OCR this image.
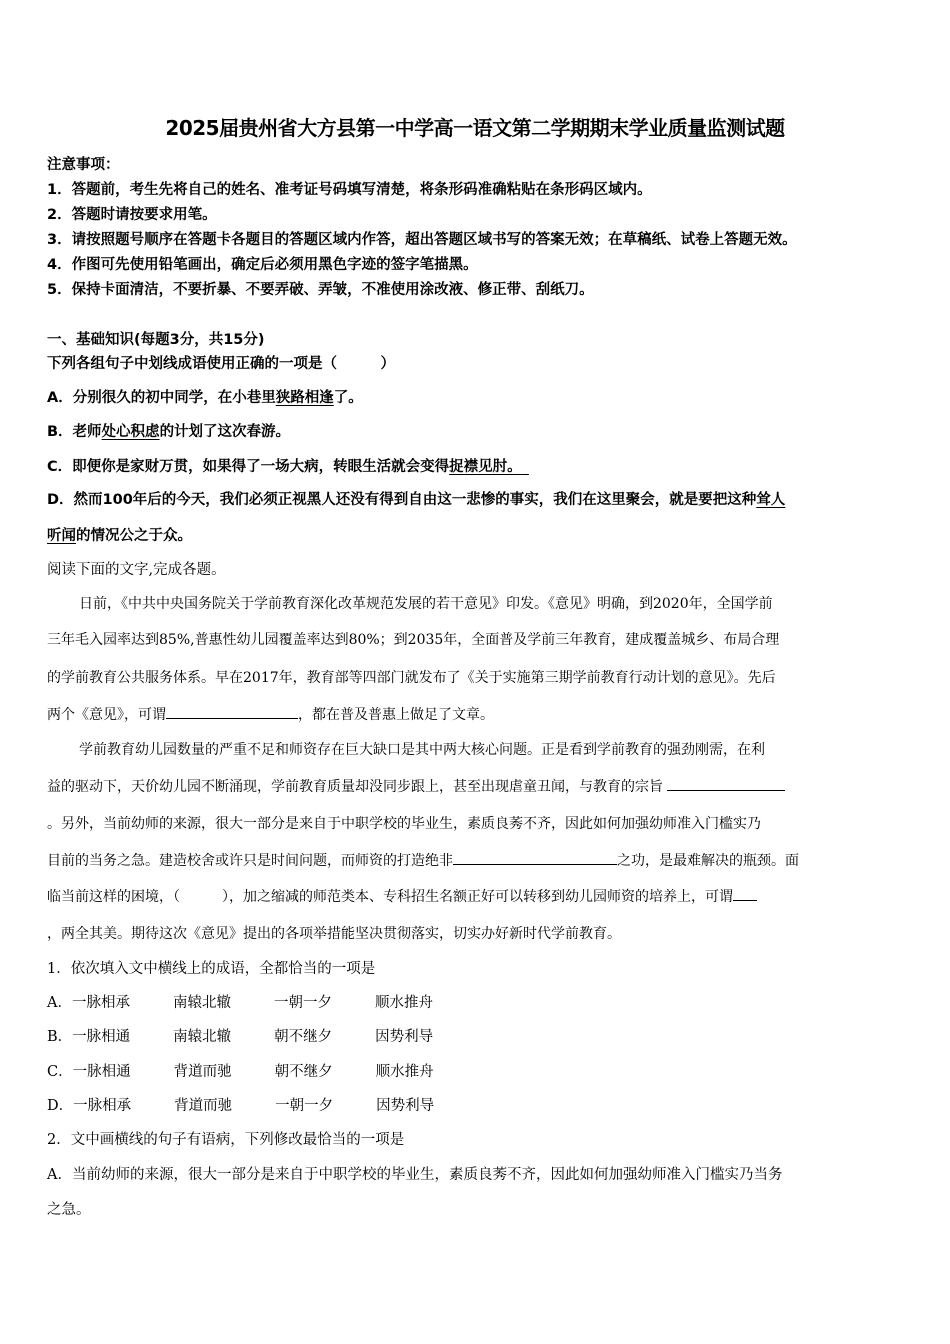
2025届贵州省大方县第一中学高一语文第二学期期末学业质量监测试题
注意事项：
1．答题前，考生先将自己的姓名、准考证号码填写清楚，将条形码准确粘贴在条形码区域内。
2．答题时请按要求用笔。
3．请按照题号顺序在答题卡各题目的答题区域内作答，超出答题区域书写的答案无效；在草稿纸、试卷上答题无效。
4．作图可先使用铅笔画出，确定后必须用黑色字迹的签字笔描黑。
5．保持卡面清洁，不要折暴、不要弄破、弄皱，不准使用涂改液、修正带、刮纸刀。
一、基础知识(每题3分，共15分)
下列各组句子中划线成语使用正确的一项是（　　　）
A．分别很久的初中同学，在小巷里狭路相逢了。
B．老师处心积虑的计划了这次春游。
C．即便你是家财万贯，如果得了一场大病，转眼生活就会变得捉襟见肘。 
D．然而100年后的今天，我们必须正视黑人还没有得到自由这一悲惨的事实，我们在这里聚会，就是要把这种耸人
听闻的情况公之于众。
阅读下面的文字,完成各题。
日前，《中共中央国务院关于学前教育深化改革规范发展的若干意见》印发。《意见》明确，到2020年，全国学前
三年毛入园率达到85%,普惠性幼儿园覆盖率达到80%；到2035年，全面普及学前三年教育，建成覆盖城乡、布局合理
的学前教育公共服务体系。早在2017年，教育部等四部门就发布了《关于实施第三期学前教育行动计划的意见》。先后
两个《意见》，可谓	，都在普及普惠上做足了文章。
学前教育幼儿园数量的严重不足和师资存在巨大缺口是其中两大核心问题。正是看到学前教育的强劲刚需，在利
益的驱动下，天价幼儿园不断涌现，学前教育质量却没同步跟上，甚至出现虐童丑闻，与教育的宗旨
。另外，当前幼师的来源，很大一部分是来自于中职学校的毕业生，素质良莠不齐，因此如何加强幼师准入门槛实乃
目前的当务之急。建造校舍或许只是时间问题，而师资的打造绝非	之功，是最难解决的瓶颈。面
临当前这样的困境，（　　　），加之缩减的师范类本、专科招生名额正好可以转移到幼儿园师资的培养上，可谓
，两全其美。期待这次《意见》提出的各项举措能坚决贯彻落实，切实办好新时代学前教育。
1．依次填入文中横线上的成语，全都恰当的一项是
A．一脉相承	南辕北辙	一朝一夕	顺水推舟
B．一脉相通	南辕北辙	朝不继夕	因势利导
C．一脉相通	背道而驰	朝不继夕	顺水推舟
D．一脉相承	背道而驰	一朝一夕	因势利导
2．文中画横线的句子有语病，下列修改最恰当的一项是
A．当前幼师的来源，很大一部分是来自于中职学校的毕业生，素质良莠不齐，因此如何加强幼师准入门槛实乃当务
之急。
